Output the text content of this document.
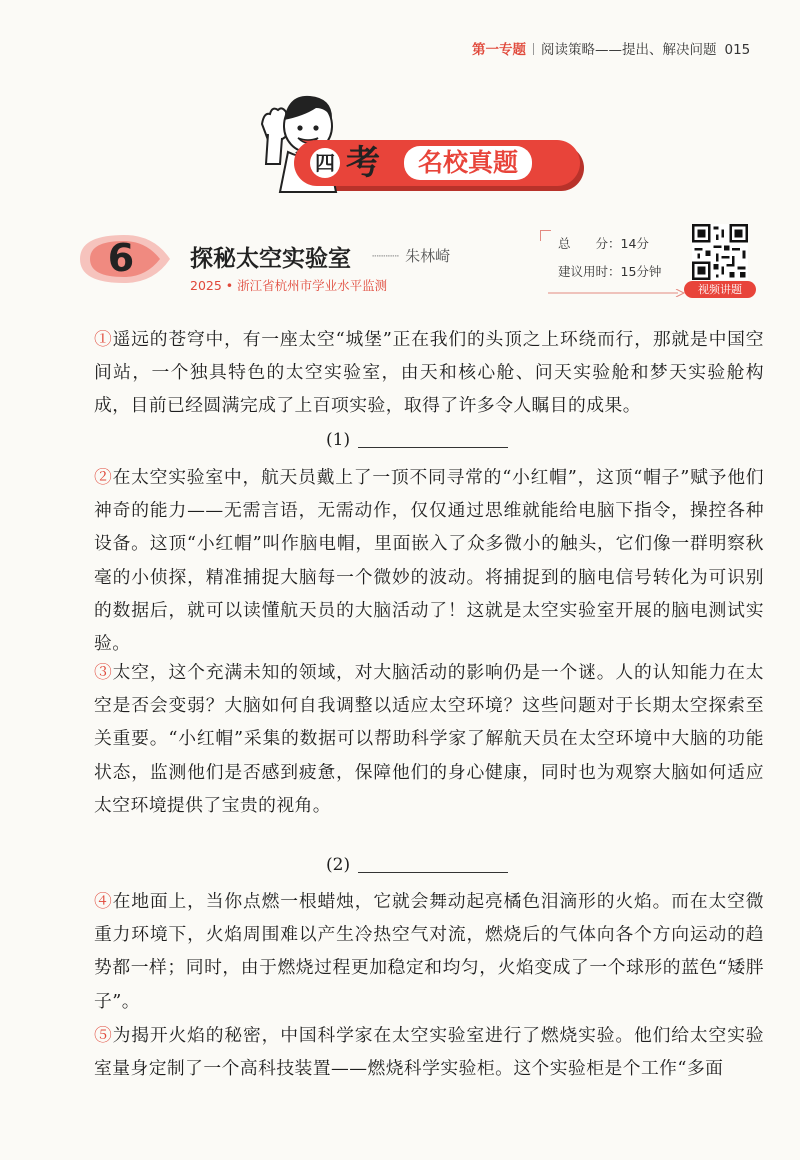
第一专题 阅读策略——提出、解决问题 015
四 考	名校真题
6	探秘太空实验室 ┈┈┈ 朱林崎
2025 • 浙江省杭州市学业水平监测
总　　分：14分
建议用时：15分钟
视频讲题
①遥远的苍穹中，有一座太空“城堡”正在我们的头顶之上环绕而行，那就是中国空间站，一个独具特色的太空实验室，由天和核心舱、问天实验舱和梦天实验舱构成，目前已经圆满完成了上百项实验，取得了许多令人瞩目的成果。
(1)
②在太空实验室中，航天员戴上了一顶不同寻常的“小红帽”，这顶“帽子”赋予他们神奇的能力——无需言语，无需动作，仅仅通过思维就能给电脑下指令，操控各种设备。这顶“小红帽”叫作脑电帽，里面嵌入了众多微小的触头，它们像一群明察秋毫的小侦探，精准捕捉大脑每一个微妙的波动。将捕捉到的脑电信号转化为可识别的数据后，就可以读懂航天员的大脑活动了！这就是太空实验室开展的脑电测试实验。
③太空，这个充满未知的领域，对大脑活动的影响仍是一个谜。人的认知能力在太空是否会变弱？大脑如何自我调整以适应太空环境？这些问题对于长期太空探索至关重要。“小红帽”采集的数据可以帮助科学家了解航天员在太空环境中大脑的功能状态，监测他们是否感到疲惫，保障他们的身心健康，同时也为观察大脑如何适应太空环境提供了宝贵的视角。
(2)
④在地面上，当你点燃一根蜡烛，它就会舞动起亮橘色泪滴形的火焰。而在太空微重力环境下，火焰周围难以产生冷热空气对流，燃烧后的气体向各个方向运动的趋势都一样；同时，由于燃烧过程更加稳定和均匀，火焰变成了一个球形的蓝色“矮胖子”。
⑤为揭开火焰的秘密，中国科学家在太空实验室进行了燃烧实验。他们给太空实验室量身定制了一个高科技装置——燃烧科学实验柜。这个实验柜是个工作“多面
